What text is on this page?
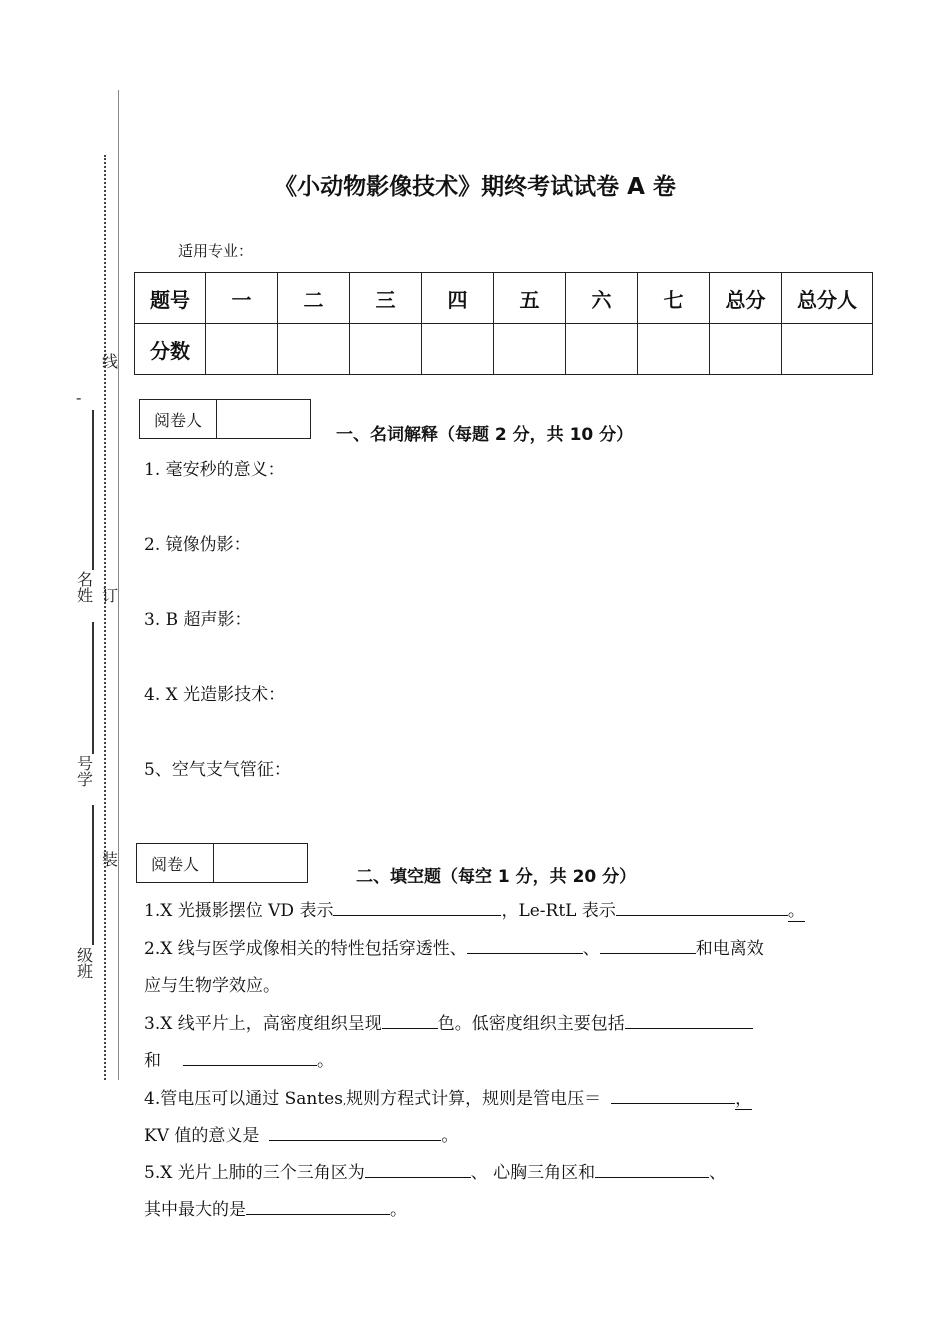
线
-
名
姓 订
号
学
装
级
班
《小动物影像技术》期终考试试卷 A 卷
适用专业：
题号	一	二	三	四	五	六	七	总分	总分人
分数									
阅卷人
一、名词解释（每题 2 分，共 10 分）
1. 毫安秒的意义：
2. 镜像伪影：
3. B 超声影：
4. X 光造影技术：
5、空气支气管征：
阅卷人
二、填空题（每空 1 分，共 20 分）
1.X 光摄影摆位 VD 表示	，Le-RtL 表示	。
2.X 线与医学成像相关的特性包括穿透性、	、	和电离效
应与生物学效应。
3.X 线平片上，高密度组织呈现	色。低密度组织主要包括
和	。
4.管电压可以通过 Santes,规则方程式计算，规则是管电压＝	，
KV 值的意义是	。
5.X 光片上肺的三个三角区为	、 心胸三角区和	、
其中最大的是	。
